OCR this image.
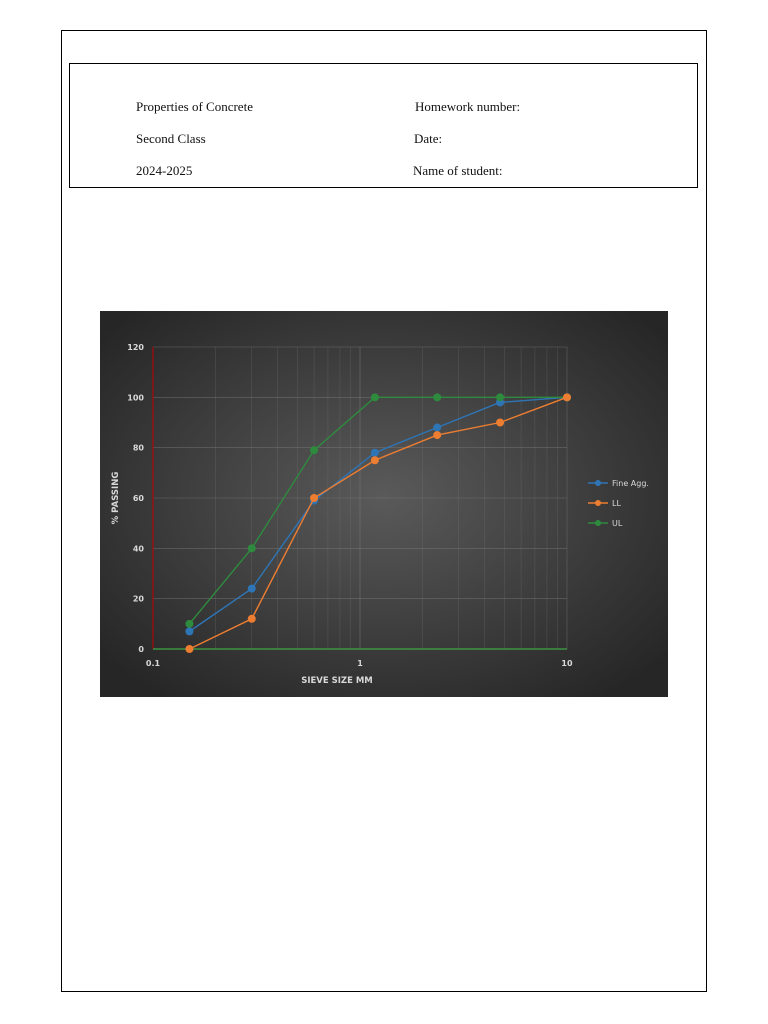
Properties of Concrete
Second Class
2024-2025
Homework number:
Date:
Name of student:
0
20
40
60
80
100
120
0.1	1	10
Fine Agg.
LL
UL
SIEVE SIZE MM
% PASSING
